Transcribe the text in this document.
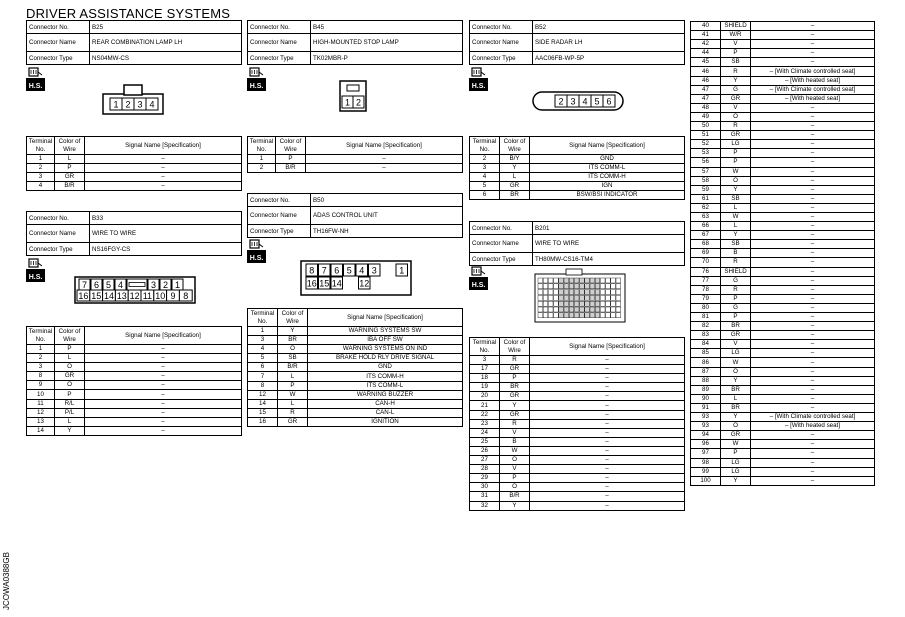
DRIVER ASSISTANCE SYSTEMS
Connector No.	B25
Connector Name	REAR COMBINATION LAMP LH
Connector Type	NS04MW-CS
H.S.
1 2 3 4
Terminal No.	Color of Wire	Signal Name [Specification]
1	L	–
2	P	–
3	GR	–
4	B/R	–
Connector No.	B33
Connector Name	WIRE TO WIRE
Connector Type	NS16FGY-CS
H.S.
7 6 5 4	3 2 1
16 15 14 13 12 11 10 9 8
Terminal No.	Color of Wire	Signal Name [Specification]
1	P	–
2	L	–
3	O	–
8	GR	–
9	O	–
10	P	–
11	R/L	–
12	P/L	–
13	L	–
14	Y	–
Connector No.	B45
Connector Name	HIGH-MOUNTED STOP LAMP
Connector Type	TK02MBR-P
H.S.
1 2
Terminal No.	Color of Wire	Signal Name [Specification]
1	P	–
2	B/R	–
Connector No.	B50
Connector Name	ADAS CONTROL UNIT
Connector Type	TH16FW-NH
H.S.
8 7 6 5 4 3 1
16 15 14 12
Terminal No.	Color of Wire	Signal Name [Specification]
1	Y	WARNING SYSTEMS SW
3	BR	IBA OFF SW
4	O	WARNING SYSTEMS ON IND
5	SB	BRAKE HOLD RLY DRIVE SIGNAL
6	B/R	GND
7	L	ITS COMM-H
8	P	ITS COMM-L
12	W	WARNING BUZZER
14	L	CAN-H
15	R	CAN-L
16	GR	IGNITION
Connector No.	B52
Connector Name	SIDE RADAR LH
Connector Type	AAC06FB-WP-5P
H.S.
2 3 4 5 6
Terminal No.	Color of Wire	Signal Name [Specification]
2	B/Y	GND
3	Y	ITS COMM-L
4	L	ITS COMM-H
5	GR	IGN
6	BR	BSW/BSI INDICATOR
Connector No.	B201
Connector Name	WIRE TO WIRE
Connector Type	TH80MW-CS16-TM4
H.S.
Terminal No.	Color of Wire	Signal Name [Specification]
3	R	–
17	GR	–
18	P	–
19	BR	–
20	GR	–
21	Y	–
22	GR	–
23	R	–
24	V	–
25	B	–
26	W	–
27	O	–
28	V	–
29	P	–
30	O	–
31	B/R	–
32	Y	–
40	SHIELD	–
41	W/R	–
42	V	–
44	P	–
45	SB	–
46	R	– [With Climate controlled seat]
46	Y	– [With heated seat]
47	G	– [With Climate controlled seat]
47	GR	– [With heated seat]
48	V	–
49	O	–
50	R	–
51	GR	–
52	LG	–
53	P	–
56	P	–
57	W	–
58	O	–
59	Y	–
61	SB	–
62	L	–
63	W	–
66	L	–
67	Y	–
68	SB	–
69	B	–
70	R	–
76	SHIELD	–
77	G	–
78	R	–
79	P	–
80	G	–
81	P	–
82	BR	–
83	GR	–
84	V	–
85	LG	–
86	W	–
87	O	–
88	Y	–
89	BR	–
90	L	–
91	BR	–
93	Y	– [With Climate controlled seat]
93	O	– [With heated seat]
94	GR	–
96	W	–
97	P	–
98	LG	–
99	LG	–
100	Y	–
JCOWA0388GB
